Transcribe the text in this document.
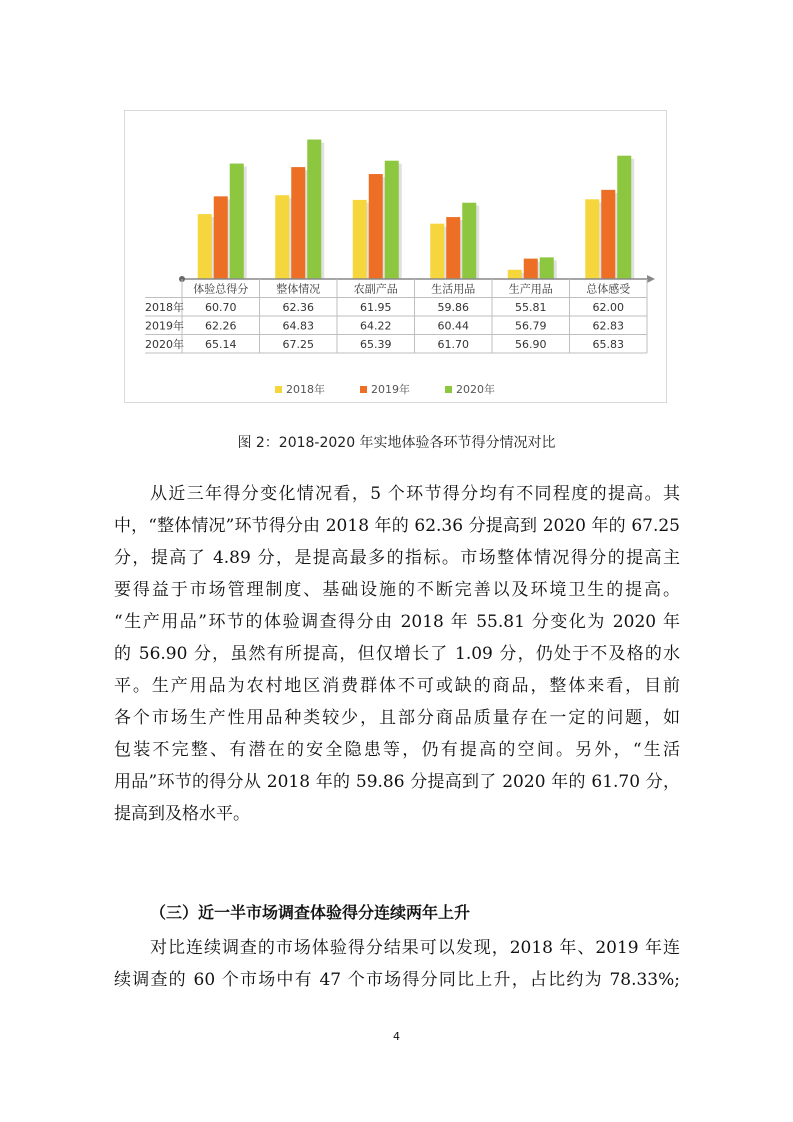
体验总得分	整体情况	农副产品	生活用品	生产用品	总体感受
2018年 60.70	62.36	61.95	59.86	55.81	62.00
2019年 62.26	64.83	64.22	60.44	56.79	62.83
2020年 65.14	67.25	65.39	61.70	56.90	65.83
2018年	2019年	2020年
图 2：2018-2020 年实地体验各环节得分情况对比
从近三年得分变化情况看，5 个环节得分均有不同程度的提高。其
中，“整体情况”环节得分由 2018 年的 62.36 分提高到 2020 年的 67.25
分，提高了 4.89 分，是提高最多的指标。市场整体情况得分的提高主
要得益于市场管理制度、基础设施的不断完善以及环境卫生的提高。
“生产用品”环节的体验调查得分由 2018 年 55.81 分变化为 2020 年
的 56.90 分，虽然有所提高，但仅增长了 1.09 分，仍处于不及格的水
平。生产用品为农村地区消费群体不可或缺的商品，整体来看，目前
各个市场生产性用品种类较少，且部分商品质量存在一定的问题，如
包装不完整、有潜在的安全隐患等，仍有提高的空间。另外，“生活
用品”环节的得分从 2018 年的 59.86 分提高到了 2020 年的 61.70 分，
提高到及格水平。
（三）近一半市场调查体验得分连续两年上升
对比连续调查的市场体验得分结果可以发现，2018 年、2019 年连
续调查的 60 个市场中有 47 个市场得分同比上升，占比约为 78.33%;
4
